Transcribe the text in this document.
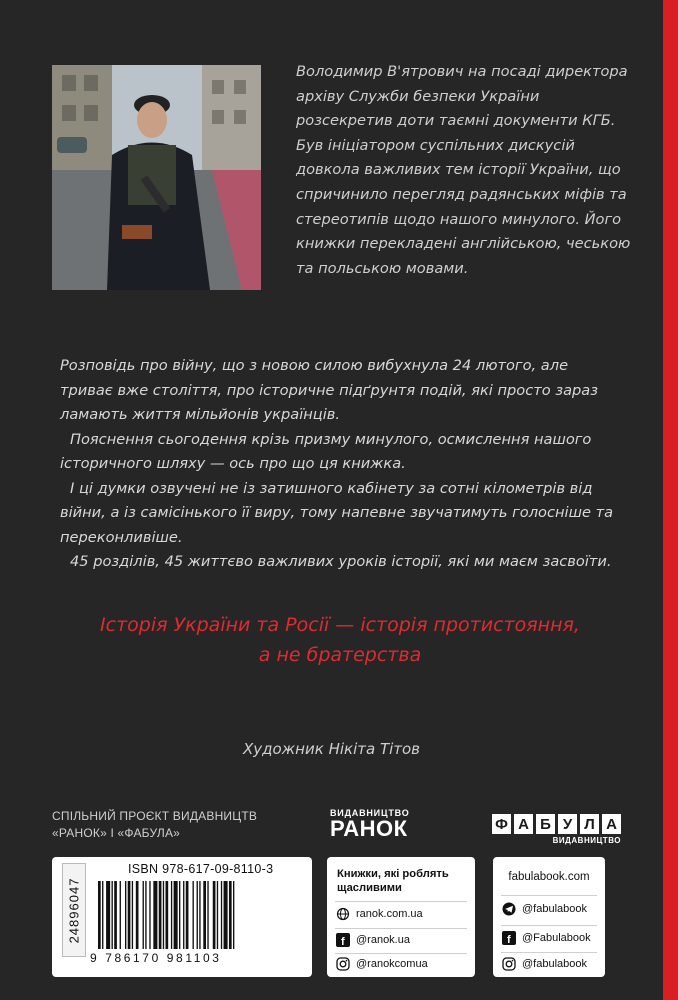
Володимир В'ятрович на посаді директора архіву Служби безпеки України розсекретив доти таємні документи КГБ. Був ініціатором суспільних дискусій довкола важливих тем історії України, що спричинило перегляд радянських міфів та стереотипів щодо нашого минулого. Його книжки перекладені англійською, чеською та польською мовами.

Розповідь про війну, що з новою силою вибухнула 24 лютого, але триває вже століття, про історичне підґрунтя подій, які просто зараз ламають життя мільйонів українців.

Пояснення сьогодення крізь призму минулого, осмислення нашого історичного шляху — ось про що ця книжка.

І ці думки озвучені не із затишного кабінету за сотні кілометрів від війни, а із самісінького її виру, тому напевне звучатимуть голосніше та переконливіше.

45 розділів, 45 життєво важливих уроків історії, які ми маєм засвоїти.

Історія України та Росії — історія протистояння,
а не братерства

Художник Нікіта Тітов

СПІЛЬНИЙ ПРОЄКТ ВИДАВНИЦТВ
«РАНОК» І «ФАБУЛА»
ВИДАВНИЦТВО
РАНОК	Ф А Б У Л А
ВИДАВНИЦТВО
ISBN 978-617-09-8110-3
24896047
9 786170 981103
Книжки, які роблять щасливими
ranok.com.ua
f @ranok.ua
@ranokcomua
fabulabook.com
@fabulabook
f @Fabulabook
@fabulabook
